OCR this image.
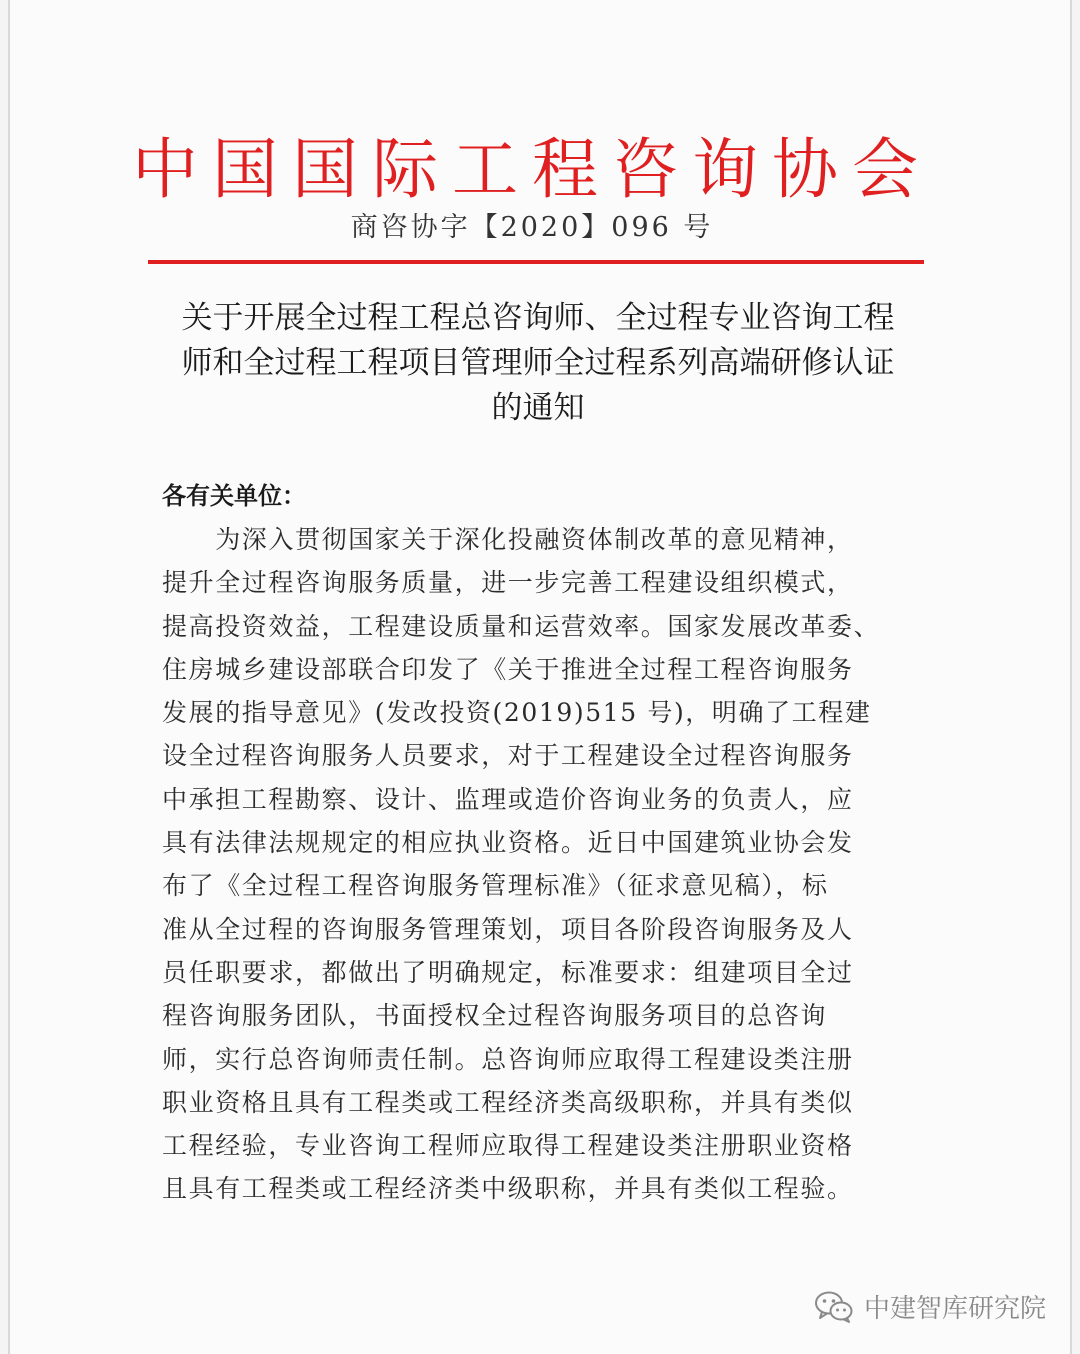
中国国际工程咨询协会
商咨协字【2020】096 号
关于开展全过程工程总咨询师、全过程专业咨询工程
师和全过程工程项目管理师全过程系列高端研修认证
的通知
各有关单位：
　　为深入贯彻国家关于深化投融资体制改革的意见精神，
提升全过程咨询服务质量，进一步完善工程建设组织模式，
提高投资效益，工程建设质量和运营效率。国家发展改革委、
住房城乡建设部联合印发了《关于推进全过程工程咨询服务
发展的指导意见》(发改投资(2019)515 号)，明确了工程建
设全过程咨询服务人员要求，对于工程建设全过程咨询服务
中承担工程勘察、设计、监理或造价咨询业务的负责人，应
具有法律法规规定的相应执业资格。近日中国建筑业协会发
布了《全过程工程咨询服务管理标准》（征求意见稿），标
准从全过程的咨询服务管理策划，项目各阶段咨询服务及人
员任职要求，都做出了明确规定，标准要求：组建项目全过
程咨询服务团队，书面授权全过程咨询服务项目的总咨询
师，实行总咨询师责任制。总咨询师应取得工程建设类注册
职业资格且具有工程类或工程经济类高级职称，并具有类似
工程经验，专业咨询工程师应取得工程建设类注册职业资格
且具有工程类或工程经济类中级职称，并具有类似工程验。
中建智库研究院
